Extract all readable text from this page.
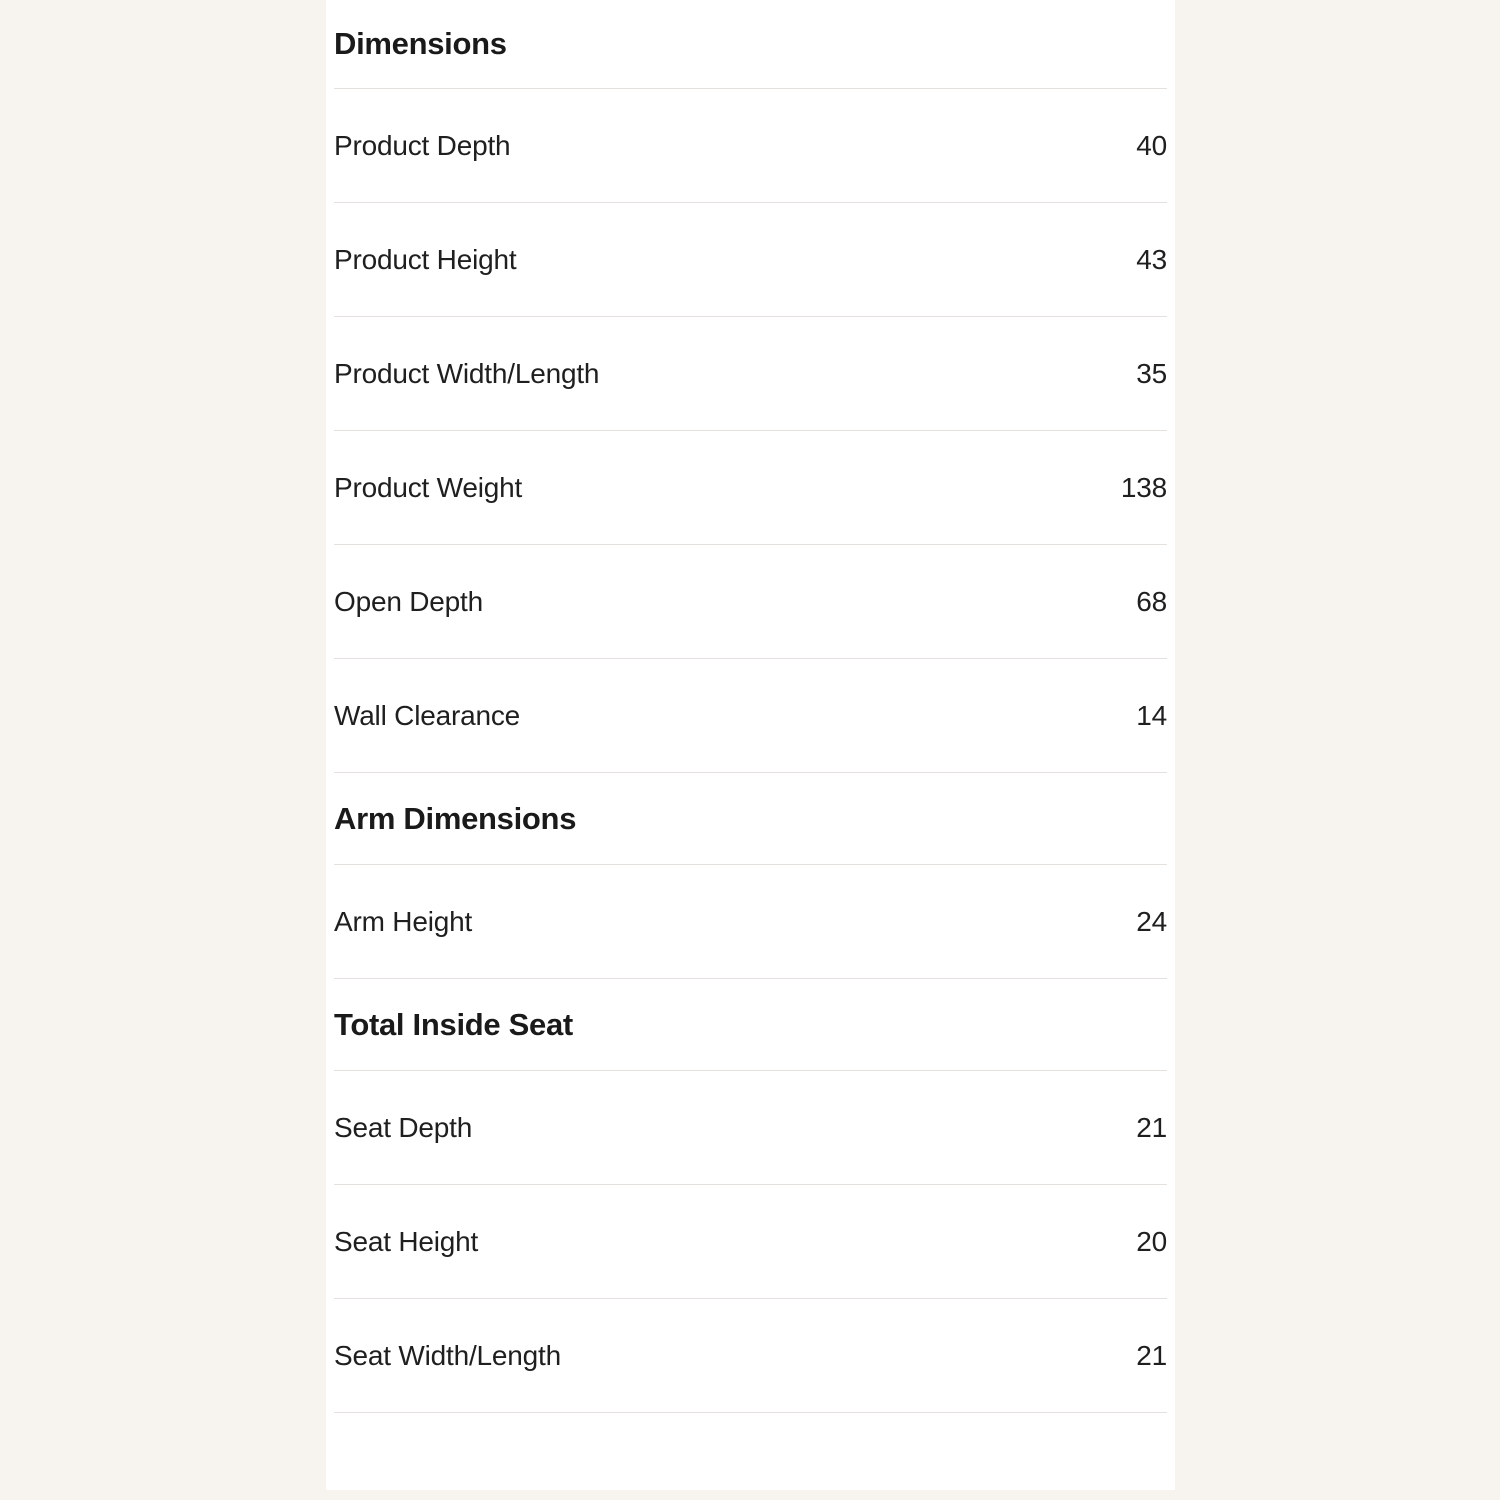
Dimensions
Product Depth	40
Product Height	43
Product Width/Length	35
Product Weight	138
Open Depth	68
Wall Clearance	14
Arm Dimensions
Arm Height	24
Total Inside Seat
Seat Depth	21
Seat Height	20
Seat Width/Length	21
